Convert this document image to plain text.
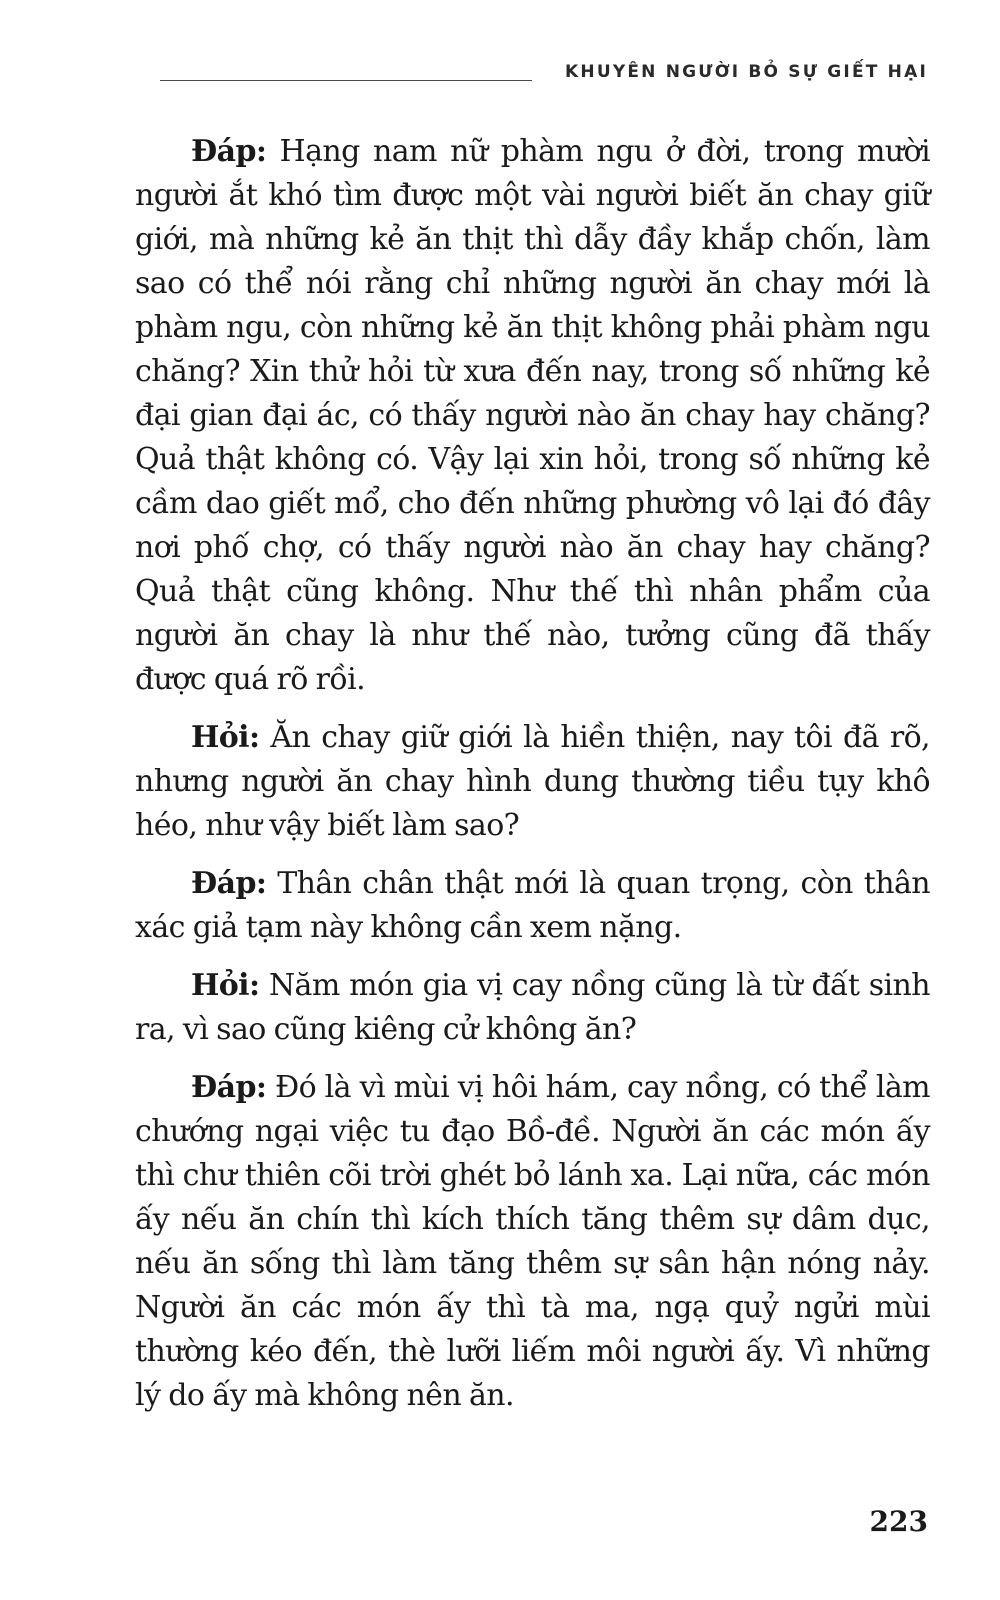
KHUYÊN NGƯỜI BỎ SỰ GIẾT HẠI

Đáp: Hạng nam nữ phàm ngu ở đời, trong mười người ắt khó tìm được một vài người biết ăn chay giữ giới, mà những kẻ ăn thịt thì dẫy đầy khắp chốn, làm sao có thể nói rằng chỉ những người ăn chay mới là phàm ngu, còn những kẻ ăn thịt không phải phàm ngu chăng? Xin thử hỏi từ xưa đến nay, trong số những kẻ đại gian đại ác, có thấy người nào ăn chay hay chăng? Quả thật không có. Vậy lại xin hỏi, trong số những kẻ cầm dao giết mổ, cho đến những phường vô lại đó đây nơi phố chợ, có thấy người nào ăn chay hay chăng? Quả thật cũng không. Như thế thì nhân phẩm của người ăn chay là như thế nào, tưởng cũng đã thấy được quá rõ rồi.

Hỏi: Ăn chay giữ giới là hiền thiện, nay tôi đã rõ, nhưng người ăn chay hình dung thường tiều tụy khô héo, như vậy biết làm sao?

Đáp: Thân chân thật mới là quan trọng, còn thân xác giả tạm này không cần xem nặng.

Hỏi: Năm món gia vị cay nồng cũng là từ đất sinh ra, vì sao cũng kiêng cử không ăn?

Đáp: Đó là vì mùi vị hôi hám, cay nồng, có thể làm chướng ngại việc tu đạo Bồ-đề. Người ăn các món ấy thì chư thiên cõi trời ghét bỏ lánh xa. Lại nữa, các món ấy nếu ăn chín thì kích thích tăng thêm sự dâm dục, nếu ăn sống thì làm tăng thêm sự sân hận nóng nảy. Người ăn các món ấy thì tà ma, ngạ quỷ ngửi mùi thường kéo đến, thè lưỡi liếm môi người ấy. Vì những lý do ấy mà không nên ăn.

223
